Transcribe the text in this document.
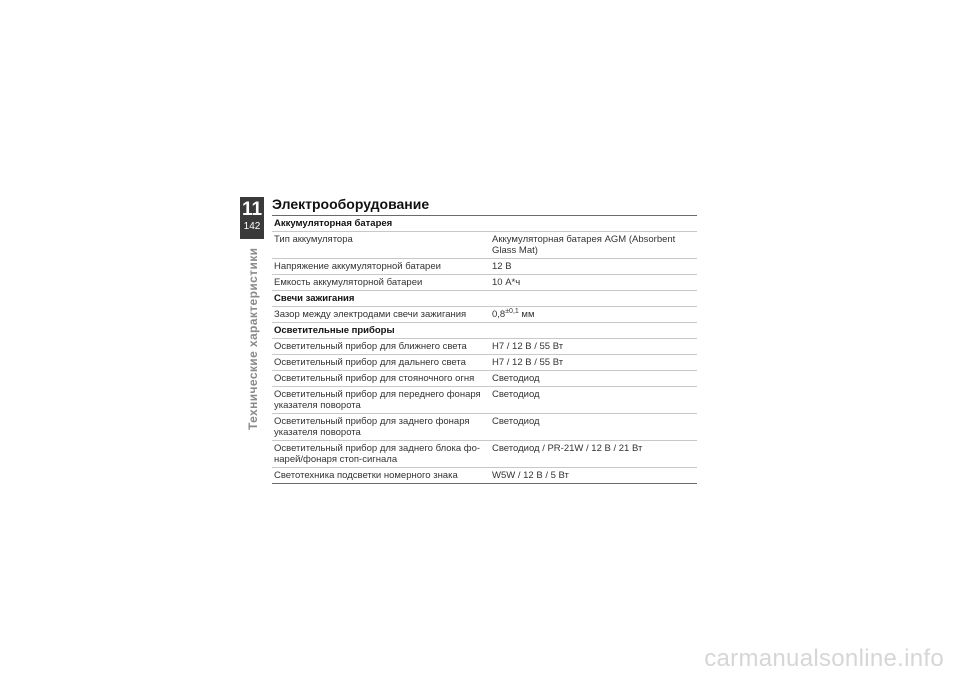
11
142
Технические характеристики
Электрооборудование
Аккумуляторная батарея	
Тип аккумулятора	Аккумуляторная батарея AGM (Absorbent Glass Mat)
Напряжение аккумуляторной батареи	12 В
Емкость аккумуляторной батареи	10 А*ч
Свечи зажигания	
Зазор между электродами свечи зажигания	$0,8^{\pm 0,1}$ мм
Осветительные приборы	
Осветительный прибор для ближнего света	H7 / 12 В / 55 Вт
Осветительный прибор для дальнего света	H7 / 12 В / 55 Вт
Осветительный прибор для стояночного огня	Светодиод
Осветительный прибор для переднего фонаря указателя поворота	Светодиод
Осветительный прибор для заднего фонаря указателя поворота	Светодиод
Осветительный прибор для заднего блока фо-нарей/фонаря стоп-сигнала	Светодиод / PR-21W / 12 В / 21 Вт
Светотехника подсветки номерного знака	W5W / 12 В / 5 Вт
carmanualsonline.info
